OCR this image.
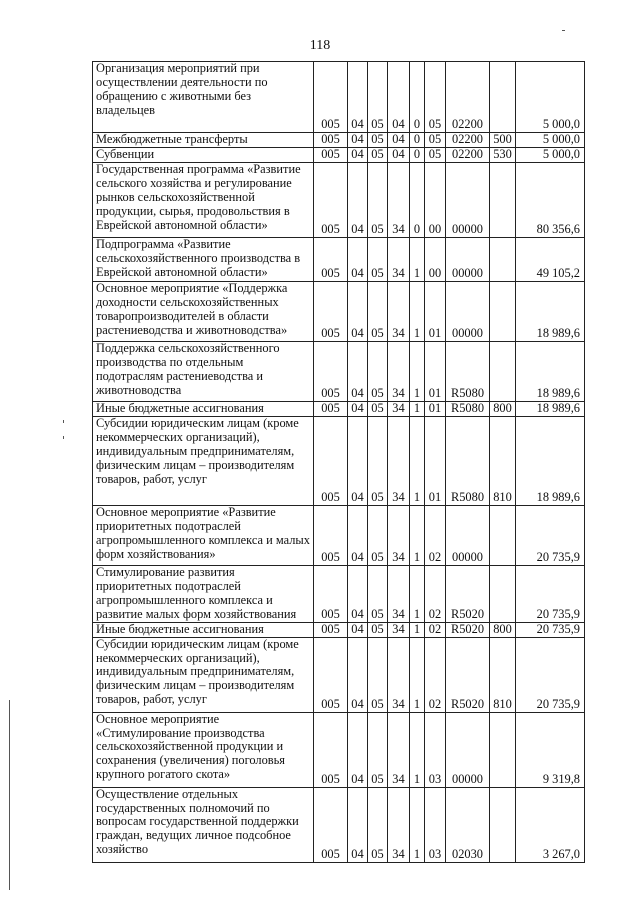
118
Организация мероприятий при осуществлении деятельности по обращению с животными без владельцев	005	04	05	04	0	05	02200		5 000,0
Межбюджетные трансферты	005	04	05	04	0	05	02200	500	5 000,0
Субвенции	005	04	05	04	0	05	02200	530	5 000,0
Государственная программа «Развитие сельского хозяйства и регулирование рынков сельскохозяйственной продукции, сырья, продовольствия в Еврейской автономной области»	005	04	05	34	0	00	00000		80 356,6
Подпрограмма «Развитие сельскохозяйственного производства в Еврейской автономной области»	005	04	05	34	1	00	00000		49 105,2
Основное мероприятие «Поддержка доходности сельскохозяйственных товаропроизводителей в области растениеводства и животноводства»	005	04	05	34	1	01	00000		18 989,6
Поддержка сельскохозяйственного производства по отдельным подотраслям растениеводства и животноводства	005	04	05	34	1	01	R5080		18 989,6
Иные бюджетные ассигнования	005	04	05	34	1	01	R5080	800	18 989,6
Субсидии юридическим лицам (кроме некоммерческих организаций), индивидуальным предпринимателям, физическим лицам – производителям товаров, работ, услуг	005	04	05	34	1	01	R5080	810	18 989,6
Основное мероприятие «Развитие приоритетных подотраслей агропромышленного комплекса и малых форм хозяйствования»	005	04	05	34	1	02	00000		20 735,9
Стимулирование развития приоритетных подотраслей агропромышленного комплекса и развитие малых форм хозяйствования	005	04	05	34	1	02	R5020		20 735,9
Иные бюджетные ассигнования	005	04	05	34	1	02	R5020	800	20 735,9
Субсидии юридическим лицам (кроме некоммерческих организаций), индивидуальным предпринимателям, физическим лицам – производителям товаров, работ, услуг	005	04	05	34	1	02	R5020	810	20 735,9
Основное мероприятие «Стимулирование производства сельскохозяйственной продукции и сохранения (увеличения) поголовья крупного рогатого скота»	005	04	05	34	1	03	00000		9 319,8
Осуществление отдельных государственных полномочий по вопросам государственной поддержки граждан, ведущих личное подсобное хозяйство	005	04	05	34	1	03	02030		3 267,0
